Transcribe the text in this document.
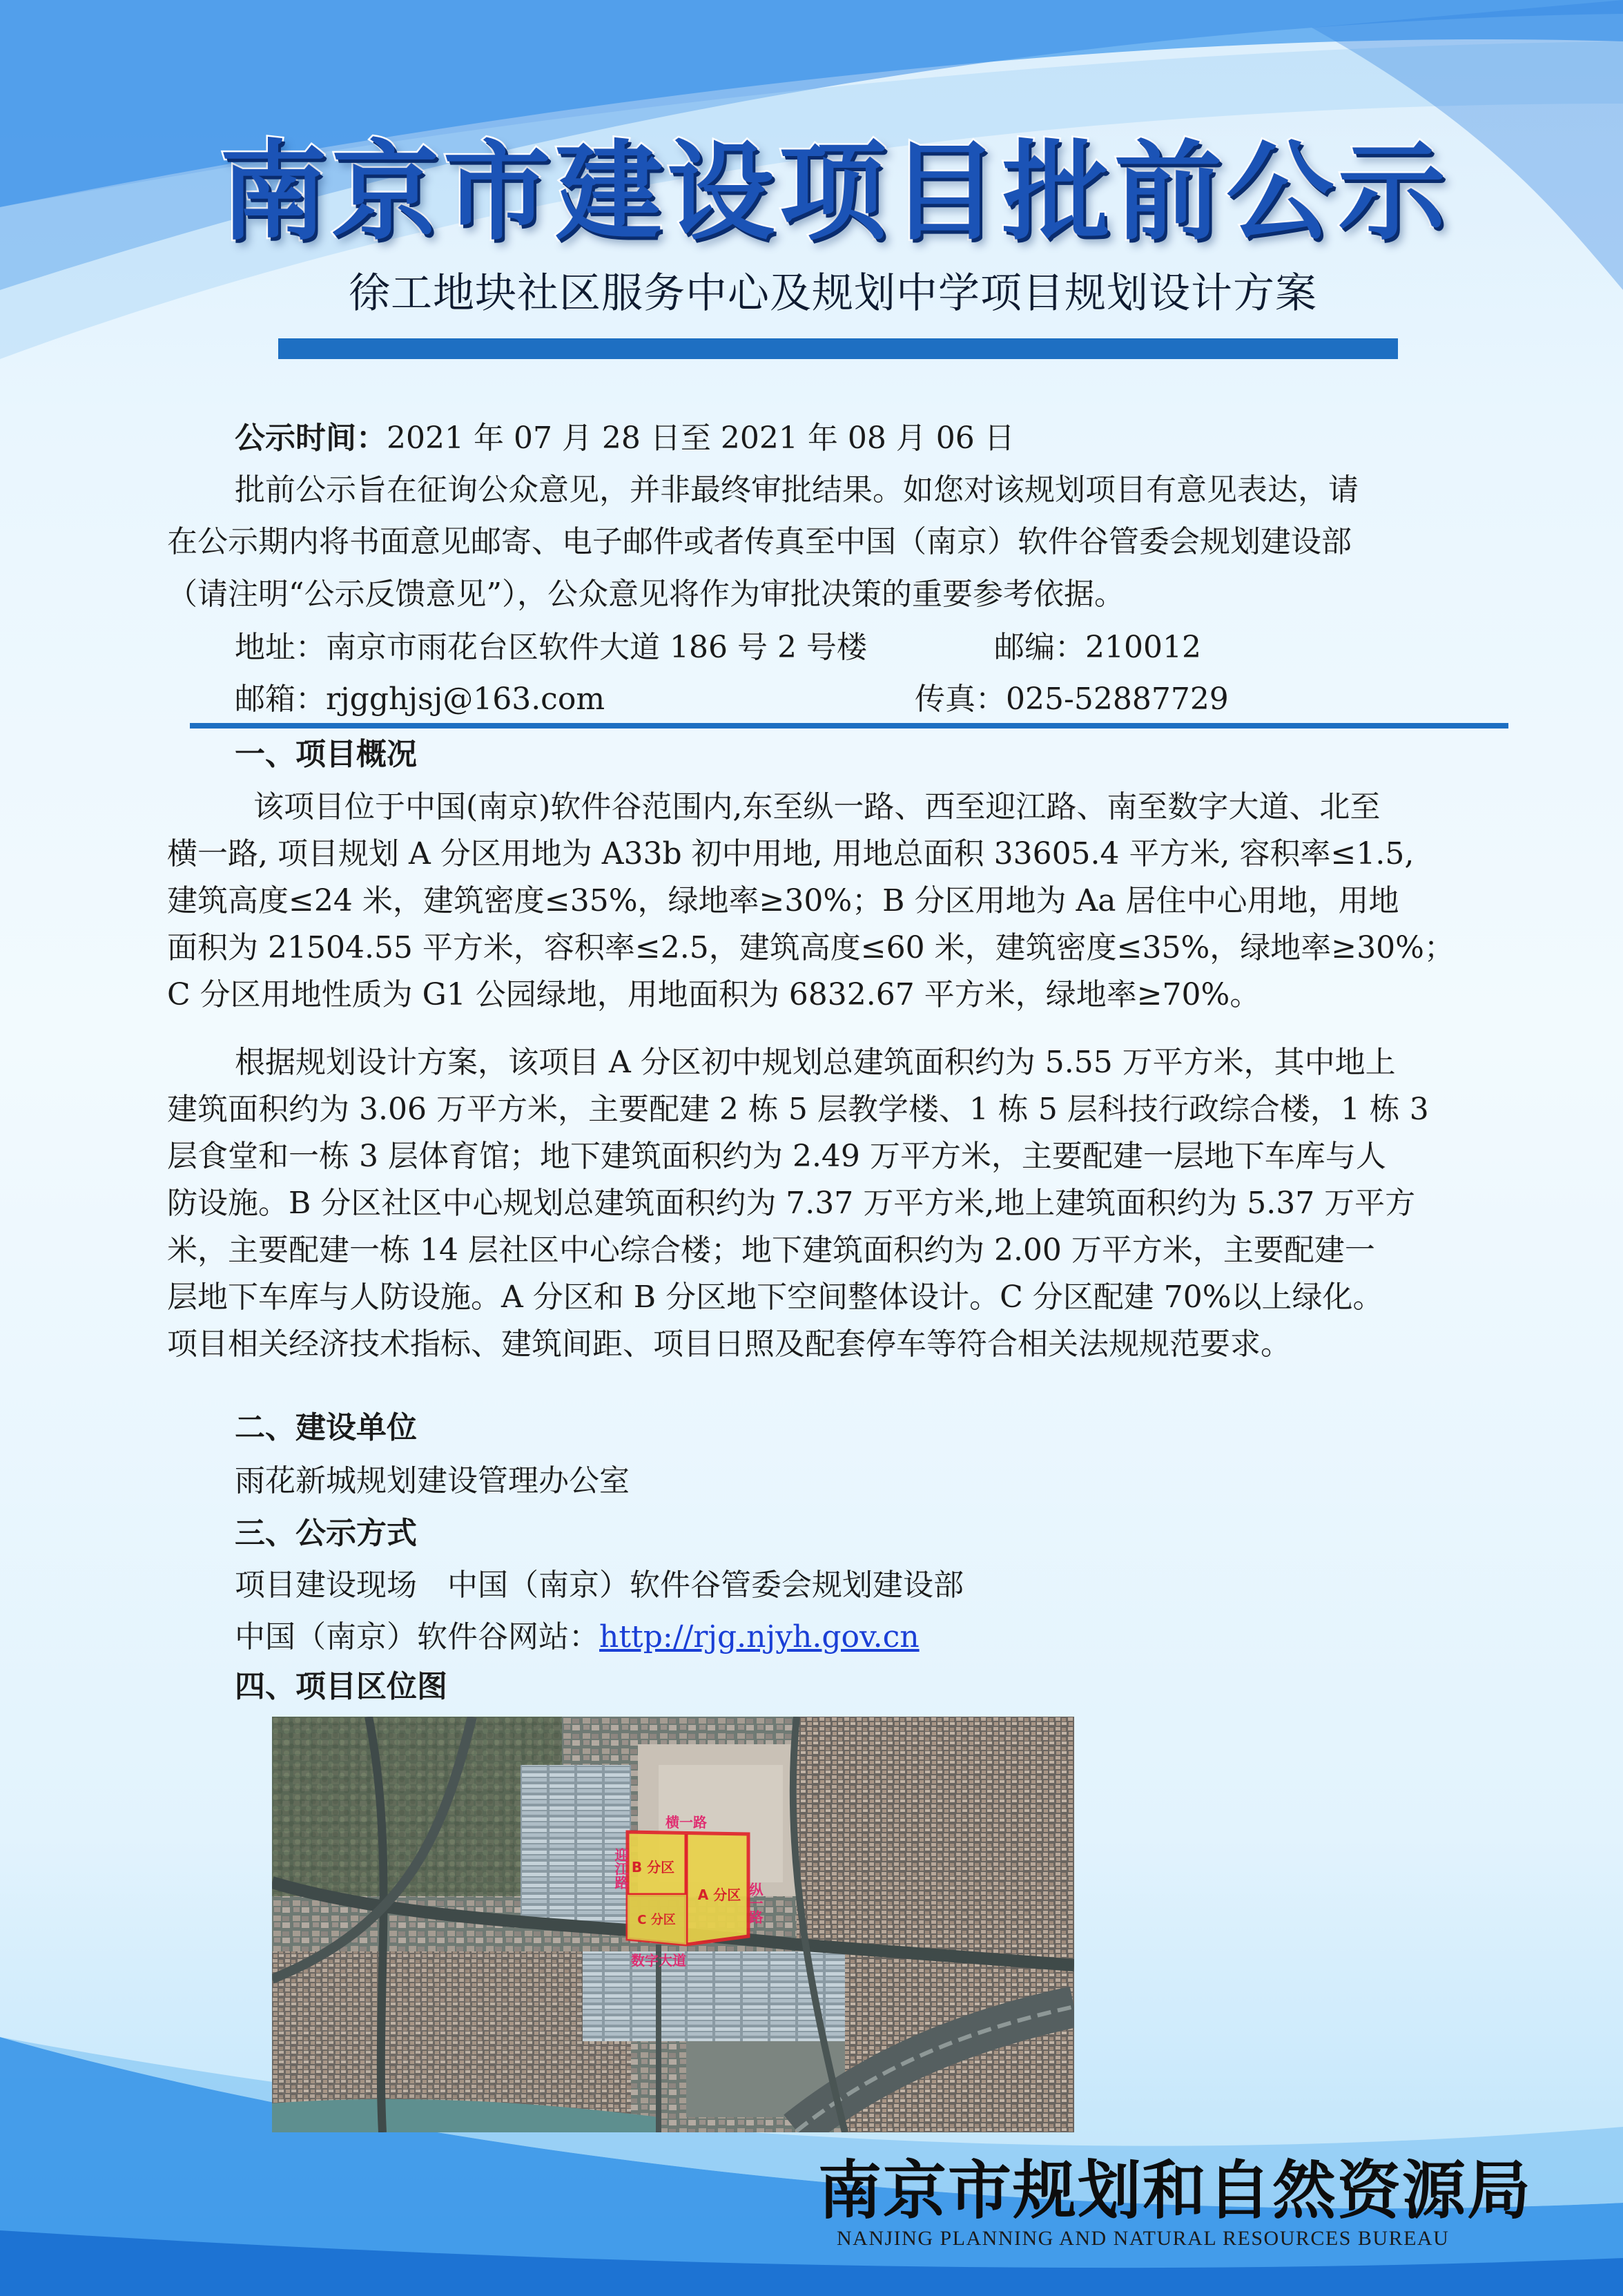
南京市建设项目批前公示
徐工地块社区服务中心及规划中学项目规划设计方案
公示时间：2021 年 07 月 28 日至 2021 年 08 月 06 日
批前公示旨在征询公众意见，并非最终审批结果。如您对该规划项目有意见表达，请
在公示期内将书面意见邮寄、电子邮件或者传真至中国（南京）软件谷管委会规划建设部
（请注明“公示反馈意见”），公众意见将作为审批决策的重要参考依据。
地址：南京市雨花台区软件大道 186 号 2 号楼	邮编：210012
邮箱：rjgghjsj@163.com	传真：025-52887729
一、项目概况
该项目位于中国(南京)软件谷范围内,东至纵一路、西至迎江路、南至数字大道、北至
横一路, 项目规划 A 分区用地为 A33b 初中用地, 用地总面积 33605.4 平方米, 容积率≤1.5,
建筑高度≤24 米，建筑密度≤35%，绿地率≥30%；B 分区用地为 Aa 居住中心用地，用地
面积为 21504.55 平方米，容积率≤2.5，建筑高度≤60 米，建筑密度≤35%，绿地率≥30%；
C 分区用地性质为 G1 公园绿地，用地面积为 6832.67 平方米，绿地率≥70%。
根据规划设计方案，该项目 A 分区初中规划总建筑面积约为 5.55 万平方米，其中地上
建筑面积约为 3.06 万平方米，主要配建 2 栋 5 层教学楼、1 栋 5 层科技行政综合楼，1 栋 3
层食堂和一栋 3 层体育馆；地下建筑面积约为 2.49 万平方米，主要配建一层地下车库与人
防设施。B 分区社区中心规划总建筑面积约为 7.37 万平方米,地上建筑面积约为 5.37 万平方
米，主要配建一栋 14 层社区中心综合楼；地下建筑面积约为 2.00 万平方米，主要配建一
层地下车库与人防设施。A 分区和 B 分区地下空间整体设计。C 分区配建 70%以上绿化。
项目相关经济技术指标、建筑间距、项目日照及配套停车等符合相关法规规范要求。
二、建设单位
雨花新城规划建设管理办公室
三、公示方式
项目建设现场　中国（南京）软件谷管委会规划建设部
中国（南京）软件谷网站：http://rjg.njyh.gov.cn
四、项目区位图
B 分区
A 分区
C 分区
横一路
迎江路
纵一路
数字大道
南京市规划和自然资源局
NANJING PLANNING AND NATURAL RESOURCES BUREAU
